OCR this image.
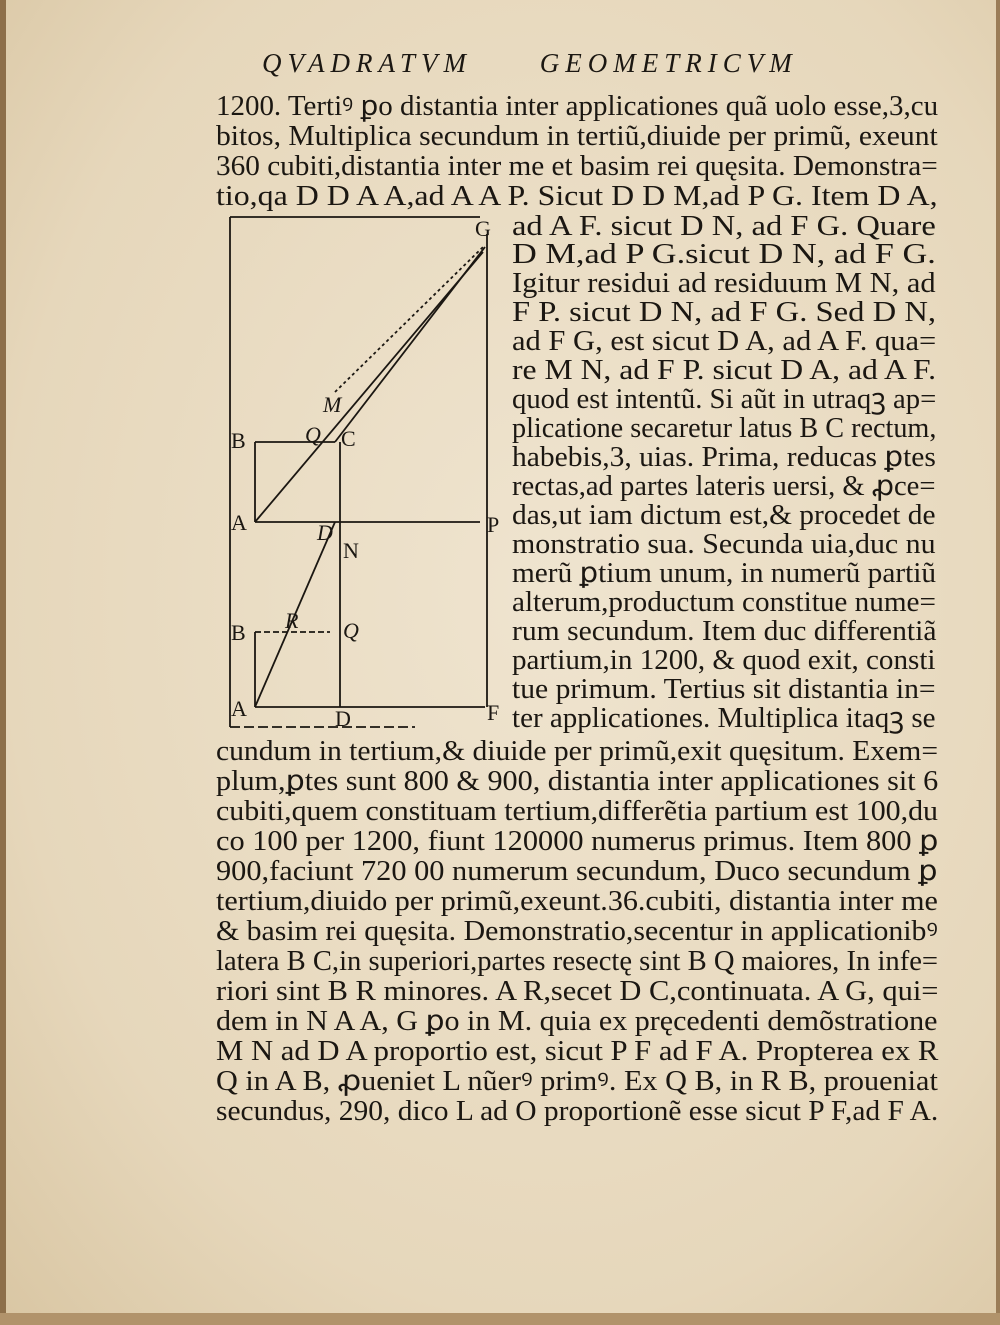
QVADRATVM	GEOMETRICVM
1200. Tertiꝰ ꝑo distantia inter applicationes quã uolo esse,3,cu
bitos, Multiplica secundum in tertiũ,diuide per primũ, exeunt
360 cubiti,distantia inter me et basim rei quęsita. Demonstra=
tio,qa D D A A,ad A A P. Sicut D D M,ad P G. Item D A,
ad A F. sicut D N, ad F G. Quare
D M,ad P G.sicut D N, ad F G.
Igitur residui ad residuum M N, ad
F P. sicut D N, ad F G. Sed D N,
ad F G, est sicut D A, ad A F. qua=
re M N, ad F P. sicut D A, ad A F.
quod est intentũ. Si aũt in utraqꝫ ap=
plicatione secaretur latus B C rectum,
habebis,3, uias. Prima, reducas ꝑtes
rectas,ad partes lateris uersi, & ꝓce=
das,ut iam dictum est,& procedet de
monstratio sua. Secunda uia,duc nu
merũ ꝑtium unum, in numerũ partiũ
alterum,productum constitue nume=
rum secundum. Item duc differentiã
partium,in 1200, & quod exit, consti
tue primum. Tertius sit distantia in=
ter applicationes. Multiplica itaqꝫ se
cundum in tertium,& diuide per primũ,exit quęsitum. Exem=
plum,ꝑtes sunt 800 & 900, distantia inter applicationes sit 6
cubiti,quem constituam tertium,differẽtia partium est 100,du
co 100 per 1200, fiunt 120000 numerus primus. Item 800 ꝑ
900,faciunt 720 00 numerum secundum, Duco secundum ꝑ
tertium,diuido per primũ,exeunt.36.cubiti, distantia inter me
& basim rei quęsita. Demonstratio,secentur in applicationibꝰ
latera B C,in superiori,partes resectę sint B Q maiores, In infe=
riori sint B R minores. A R,secet D C,continuata. A G, qui=
dem in N A A, G ꝑo in M. quia ex pręcedenti demõstratione
M N ad D A proportio est, sicut P F ad F A. Propterea ex R
Q in A B, ꝓueniet L nũerꝰ primꝰ. Ex Q B, in R B, proueniat
secundus, 290, dico L ad O proportionẽ esse sicut P F,ad F A.
G
M
B	Q C
A	D	P
N
B R Q
A	D	F
